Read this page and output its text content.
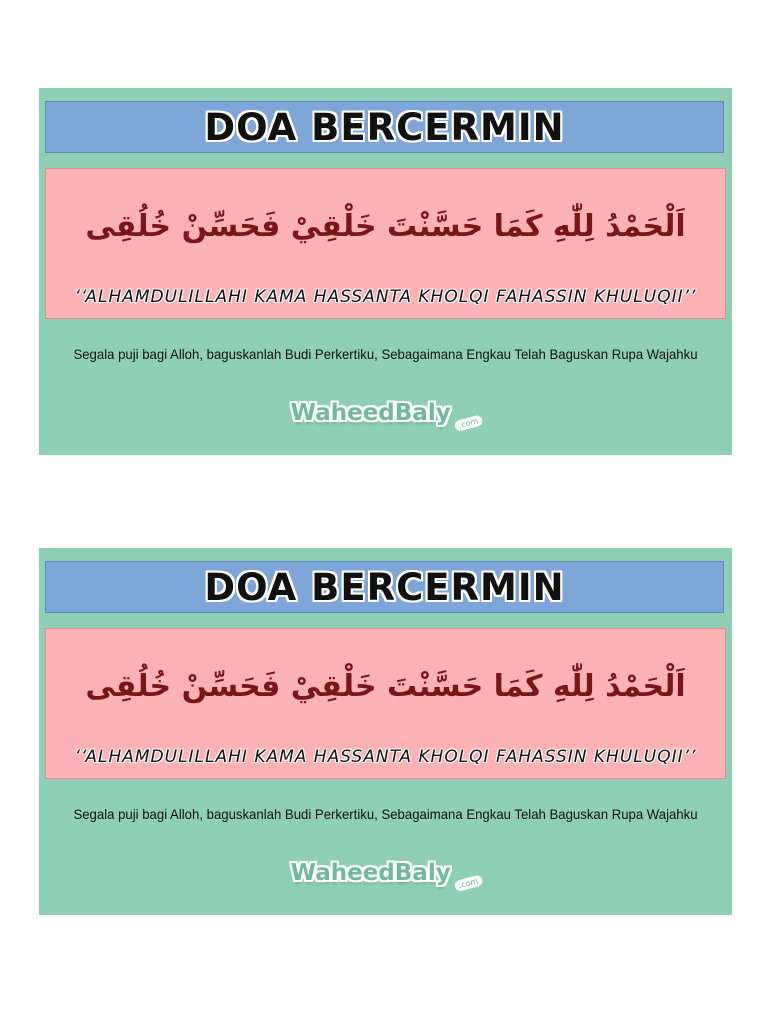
DOA BERCERMIN
اَلْحَمْدُ لِلّٰهِ كَمَا حَسَّنْتَ خَلْقِيْ فَحَسِّنْ خُلُقِى
‘‘ALHAMDULILLAHI KAMA HASSANTA KHOLQI FAHASSIN KHULUQII’’
Segala puji bagi Alloh, baguskanlah Budi Perkertiku, Sebagaimana Engkau Telah Baguskan Rupa Wajahku
WaheedBaly .com
DOA BERCERMIN
اَلْحَمْدُ لِلّٰهِ كَمَا حَسَّنْتَ خَلْقِيْ فَحَسِّنْ خُلُقِى
‘‘ALHAMDULILLAHI KAMA HASSANTA KHOLQI FAHASSIN KHULUQII’’
Segala puji bagi Alloh, baguskanlah Budi Perkertiku, Sebagaimana Engkau Telah Baguskan Rupa Wajahku
WaheedBaly .com
